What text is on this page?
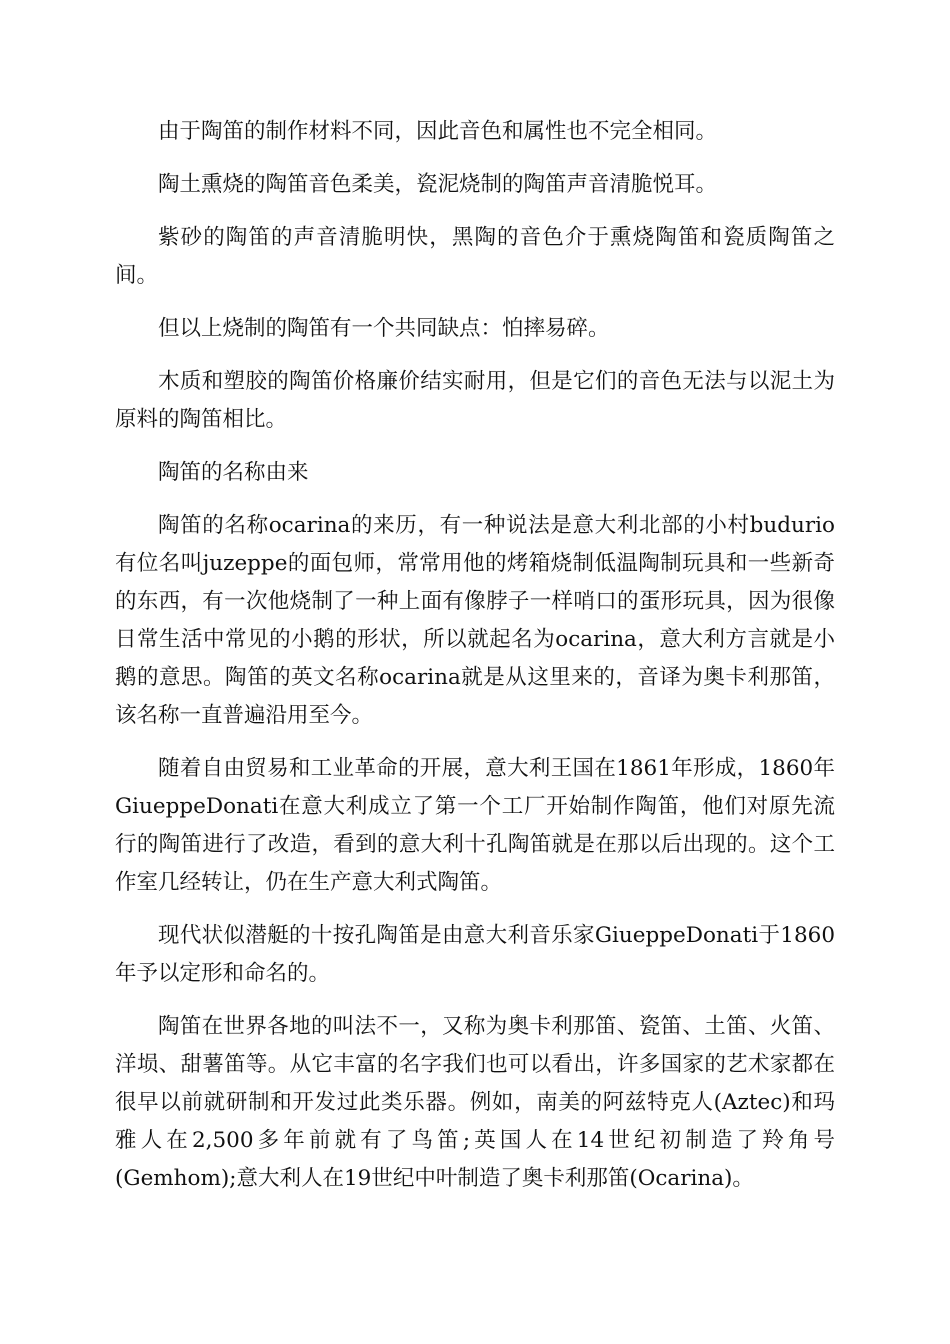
由于陶笛的制作材料不同，因此音色和属性也不完全相同。

陶土熏烧的陶笛音色柔美，瓷泥烧制的陶笛声音清脆悦耳。

紫砂的陶笛的声音清脆明快，黑陶的音色介于熏烧陶笛和瓷质陶笛之间。

但以上烧制的陶笛有一个共同缺点：怕摔易碎。

木质和塑胶的陶笛价格廉价结实耐用，但是它们的音色无法与以泥土为原料的陶笛相比。

陶笛的名称由来

陶笛的名称ocarina的来历，有一种说法是意大利北部的小村budurio有位名叫juzeppe的面包师，常常用他的烤箱烧制低温陶制玩具和一些新奇的东西，有一次他烧制了一种上面有像脖子一样哨口的蛋形玩具，因为很像日常生活中常见的小鹅的形状，所以就起名为ocarina，意大利方言就是小鹅的意思。陶笛的英文名称ocarina就是从这里来的，音译为奥卡利那笛，该名称一直普遍沿用至今。

随着自由贸易和工业革命的开展，意大利王国在1861年形成，1860年GiueppeDonati在意大利成立了第一个工厂开始制作陶笛，他们对原先流行的陶笛进行了改造，看到的意大利十孔陶笛就是在那以后出现的。这个工作室几经转让，仍在生产意大利式陶笛。

现代状似潜艇的十按孔陶笛是由意大利音乐家GiueppeDonati于1860年予以定形和命名的。

陶笛在世界各地的叫法不一，又称为奥卡利那笛、瓷笛、土笛、火笛、洋埙、甜薯笛等。从它丰富的名字我们也可以看出，许多国家的艺术家都在很早以前就研制和开发过此类乐器。例如，南美的阿兹特克人(Aztec)和玛雅人在2,500多年前就有了鸟笛;英国人在14世纪初制造了羚角号(Gemhom);意大利人在19世纪中叶制造了奥卡利那笛(Ocarina)。
